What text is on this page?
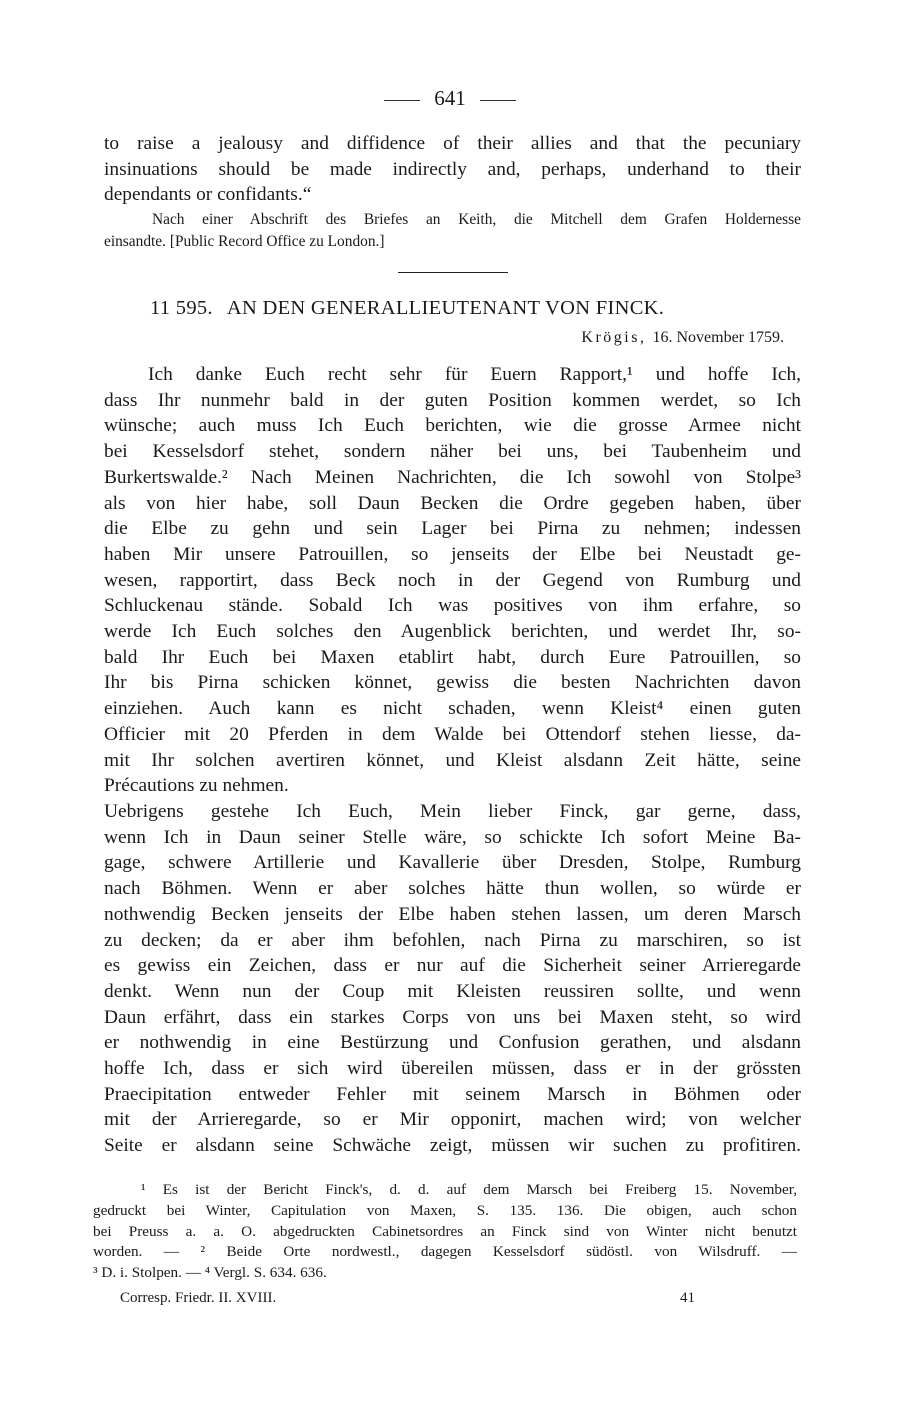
641
to raise a jealousy and diffidence of their allies and that the pecuniary
insinuations should be made indirectly and, perhaps, underhand to their
dependants or confidants.“
Nach einer Abschrift des Briefes an Keith, die Mitchell dem Grafen Holdernesse
einsandte. [Public Record Office zu London.]
11 595. AN DEN GENERALLIEUTENANT VON FINCK.
Krögis, 16. November 1759.
Ich danke Euch recht sehr für Euern Rapport,¹ und hoffe Ich,
dass Ihr nunmehr bald in der guten Position kommen werdet, so Ich
wünsche; auch muss Ich Euch berichten, wie die grosse Armee nicht
bei Kesselsdorf stehet, sondern näher bei uns, bei Taubenheim und
Burkertswalde.² Nach Meinen Nachrichten, die Ich sowohl von Stolpe³
als von hier habe, soll Daun Becken die Ordre gegeben haben, über
die Elbe zu gehn und sein Lager bei Pirna zu nehmen; indessen
haben Mir unsere Patrouillen, so jenseits der Elbe bei Neustadt ge-
wesen, rapportirt, dass Beck noch in der Gegend von Rumburg und
Schluckenau stände. Sobald Ich was positives von ihm erfahre, so
werde Ich Euch solches den Augenblick berichten, und werdet Ihr, so-
bald Ihr Euch bei Maxen etablirt habt, durch Eure Patrouillen, so
Ihr bis Pirna schicken könnet, gewiss die besten Nachrichten davon
einziehen. Auch kann es nicht schaden, wenn Kleist⁴ einen guten
Officier mit 20 Pferden in dem Walde bei Ottendorf stehen liesse, da-
mit Ihr solchen avertiren könnet, und Kleist alsdann Zeit hätte, seine
Précautions zu nehmen.
Uebrigens gestehe Ich Euch, Mein lieber Finck, gar gerne, dass,
wenn Ich in Daun seiner Stelle wäre, so schickte Ich sofort Meine Ba-
gage, schwere Artillerie und Kavallerie über Dresden, Stolpe, Rumburg
nach Böhmen. Wenn er aber solches hätte thun wollen, so würde er
nothwendig Becken jenseits der Elbe haben stehen lassen, um deren Marsch
zu decken; da er aber ihm befohlen, nach Pirna zu marschiren, so ist
es gewiss ein Zeichen, dass er nur auf die Sicherheit seiner Arrieregarde
denkt. Wenn nun der Coup mit Kleisten reussiren sollte, und wenn
Daun erfährt, dass ein starkes Corps von uns bei Maxen steht, so wird
er nothwendig in eine Bestürzung und Confusion gerathen, und alsdann
hoffe Ich, dass er sich wird übereilen müssen, dass er in der grössten
Praecipitation entweder Fehler mit seinem Marsch in Böhmen oder
mit der Arrieregarde, so er Mir opponirt, machen wird; von welcher
Seite er alsdann seine Schwäche zeigt, müssen wir suchen zu profitiren.
¹ Es ist der Bericht Finck's, d. d. auf dem Marsch bei Freiberg 15. November,
gedruckt bei Winter, Capitulation von Maxen, S. 135. 136. Die obigen, auch schon
bei Preuss a. a. O. abgedruckten Cabinetsordres an Finck sind von Winter nicht benutzt
worden. — ² Beide Orte nordwestl., dagegen Kesselsdorf südöstl. von Wilsdruff. —
³ D. i. Stolpen. — ⁴ Vergl. S. 634. 636.
Corresp. Friedr. II. XVIII.	41
